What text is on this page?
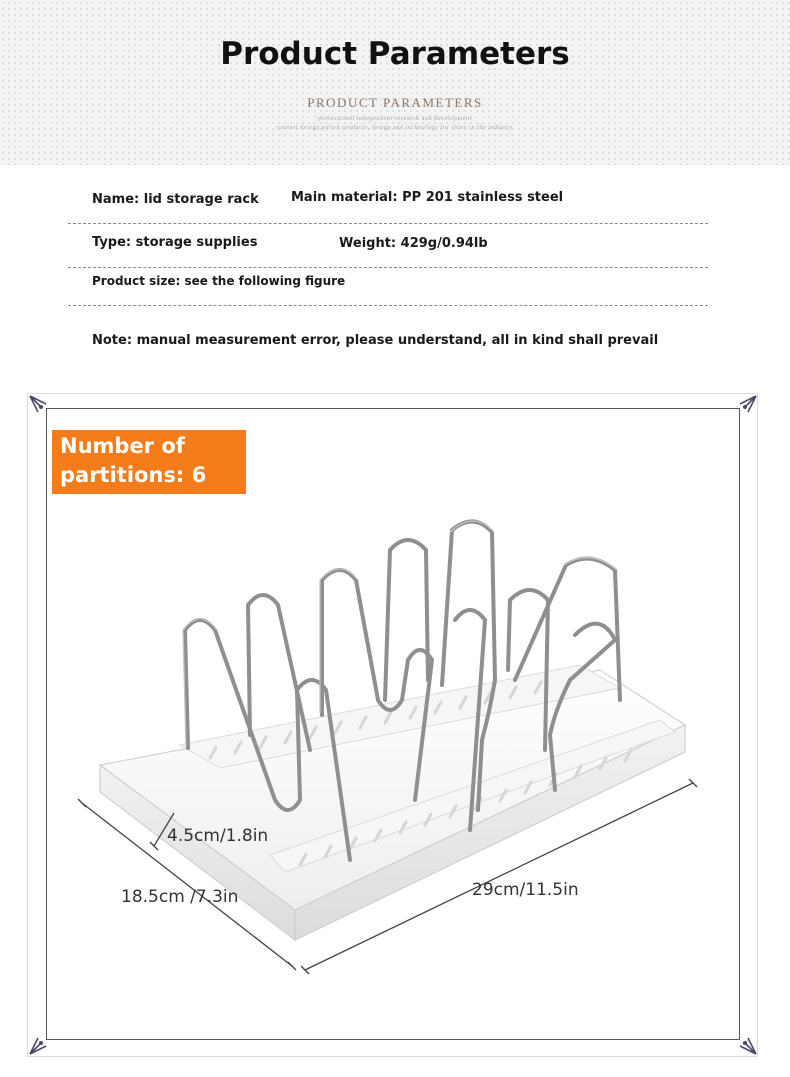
Product Parameters
PRODUCT PARAMETERS
professional independent research and development
earnest design polish products, design and technology for shine in the industry
Name: lid storage rack Main material: PP 201 stainless steel
Type: storage supplies	Weight: 429g/0.94lb
Product size: see the following figure
Note: manual measurement error, please understand, all in kind shall prevail
Number of
partitions: 6
4.5cm/1.8in
18.5cm /7.3in	29cm/11.5in
